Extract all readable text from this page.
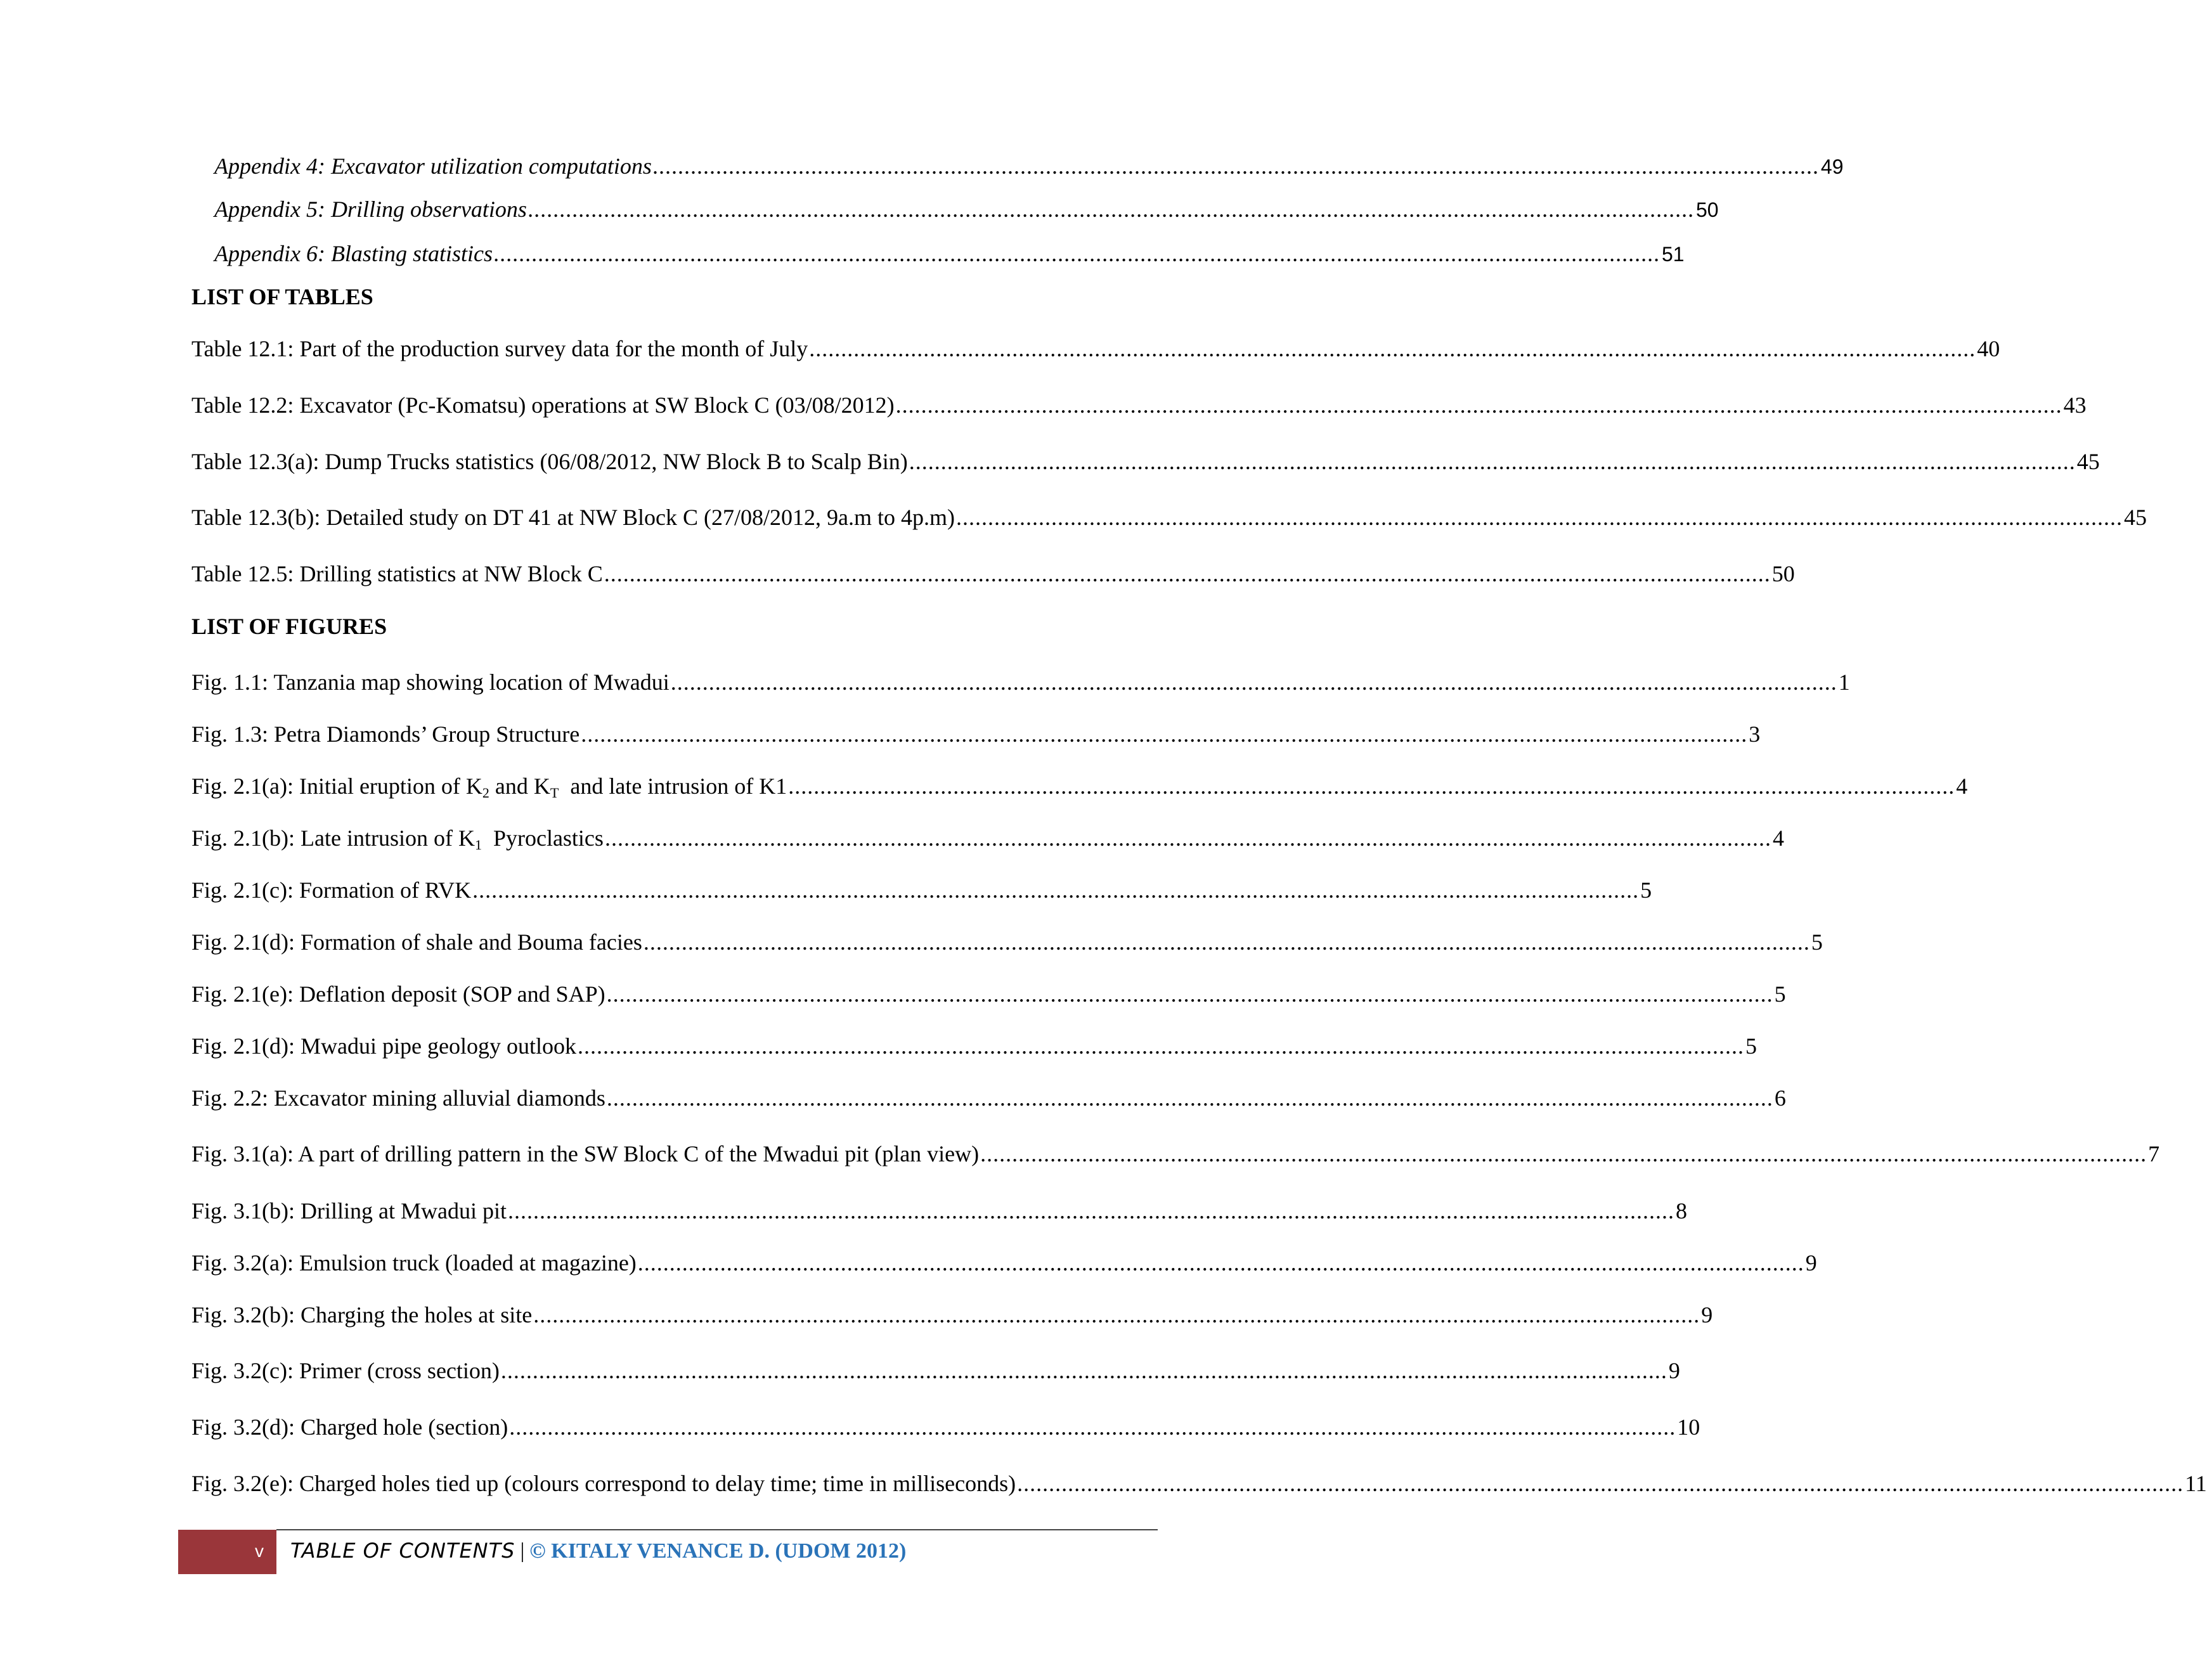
Appendix 4: Excavator utilization computations ........................................................................................................................................................................................ 49
Appendix 5: Drilling observations ........................................................................................................................................................................................ 50
Appendix 6: Blasting statistics ........................................................................................................................................................................................ 51
LIST OF TABLES
Table 12.1: Part of the production survey data for the month of July ........................................................................................................................................................................................ 40
Table 12.2: Excavator (Pc-Komatsu) operations at SW Block C (03/08/2012) ........................................................................................................................................................................................ 43
Table 12.3(a): Dump Trucks statistics (06/08/2012, NW Block B to Scalp Bin) ........................................................................................................................................................................................ 45
Table 12.3(b): Detailed study on DT 41 at NW Block C (27/08/2012, 9a.m to 4p.m) ........................................................................................................................................................................................ 45
Table 12.5: Drilling statistics at NW Block C ........................................................................................................................................................................................ 50
LIST OF FIGURES
Fig. 1.1: Tanzania map showing location of Mwadui ........................................................................................................................................................................................ 1
Fig. 1.3: Petra Diamonds’ Group Structure ........................................................................................................................................................................................ 3
Fig. 2.1(a): Initial eruption of $K_2$ and $K_T$  and late intrusion of K1 ........................................................................................................................................................................................ 4
Fig. 2.1(b): Late intrusion of $K_1$  Pyroclastics ........................................................................................................................................................................................ 4
Fig. 2.1(c): Formation of RVK ........................................................................................................................................................................................ 5
Fig. 2.1(d): Formation of shale and Bouma facies ........................................................................................................................................................................................ 5
Fig. 2.1(e): Deflation deposit (SOP and SAP) ........................................................................................................................................................................................ 5
Fig. 2.1(d): Mwadui pipe geology outlook ........................................................................................................................................................................................ 5
Fig. 2.2: Excavator mining alluvial diamonds ........................................................................................................................................................................................ 6
Fig. 3.1(a): A part of drilling pattern in the SW Block C of the Mwadui pit (plan view) ........................................................................................................................................................................................ 7
Fig. 3.1(b): Drilling at Mwadui pit ........................................................................................................................................................................................ 8
Fig. 3.2(a): Emulsion truck (loaded at magazine) ........................................................................................................................................................................................ 9
Fig. 3.2(b): Charging the holes at site ........................................................................................................................................................................................ 9
Fig. 3.2(c): Primer (cross section) ........................................................................................................................................................................................ 9
Fig. 3.2(d): Charged hole (section) ........................................................................................................................................................................................ 10
Fig. 3.2(e): Charged holes tied up (colours correspond to delay time; time in milliseconds) ........................................................................................................................................................................................ 11
v TABLE OF CONTENTS | © KITALY VENANCE D. (UDOM 2012)
